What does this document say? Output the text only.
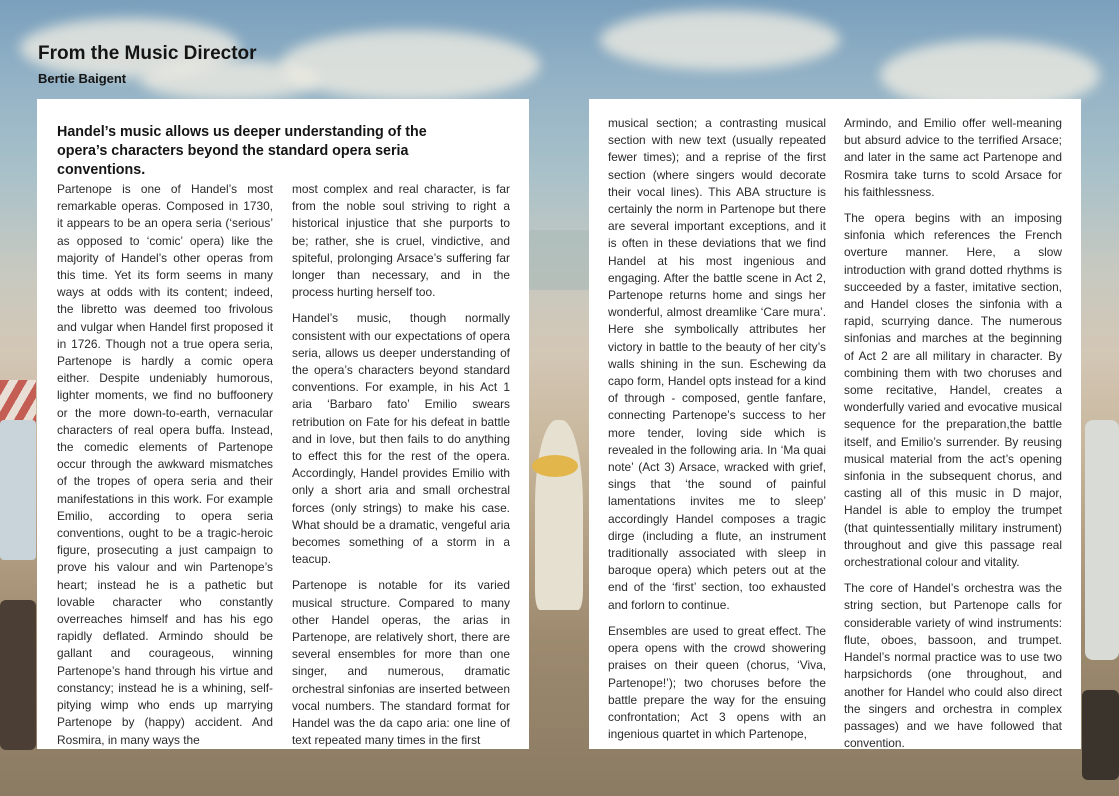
From the Music Director

Bertie Baigent

Handel’s music allows us deeper understanding of the opera’s characters beyond the standard opera seria conventions.

Partenope is one of Handel’s most remarkable operas. Composed in 1730, it appears to be an opera seria (‘serious’ as opposed to ‘comic’ opera) like the majority of Handel’s other operas from this time. Yet its form seems in many ways at odds with its content; indeed, the libretto was deemed too frivolous and vulgar when Handel first proposed it in 1726. Though not a true opera seria, Partenope is hardly a comic opera either. Despite undeniably humorous, lighter moments, we find no buffoonery or the more down-to-earth, vernacular characters of real opera buffa. Instead, the comedic elements of Partenope occur through the awkward mismatches of the tropes of opera seria and their manifestations in this work. For example Emilio, according to opera seria conventions, ought to be a tragic-heroic figure, prosecuting a just campaign to prove his valour and win Partenope’s heart; instead he is a pathetic but lovable character who constantly overreaches himself and has his ego rapidly deflated. Armindo should be gallant and courageous, winning Partenope’s hand through his virtue and constancy; instead he is a whining, self-pitying wimp who ends up marrying Partenope by (happy) accident. And Rosmira, in many ways the

most complex and real character, is far from the noble soul striving to right a historical injustice that she purports to be; rather, she is cruel, vindictive, and spiteful, prolonging Arsace’s suffering far longer than necessary, and in the process hurting herself too.

Handel’s music, though normally consistent with our expectations of opera seria, allows us deeper understanding of the opera’s characters beyond standard conventions. For example, in his Act 1 aria ‘Barbaro fato’ Emilio swears retribution on Fate for his defeat in battle and in love, but then fails to do anything to effect this for the rest of the opera. Accordingly, Handel provides Emilio with only a short aria and small orchestral forces (only strings) to make his case. What should be a dramatic, vengeful aria becomes something of a storm in a teacup.

Partenope is notable for its varied musical structure. Compared to many other Handel operas, the arias in Partenope, are relatively short, there are several ensembles for more than one singer, and numerous, dramatic orchestral sinfonias are inserted between vocal numbers. The standard format for Handel was the da capo aria: one line of text repeated many times in the first

musical section; a contrasting musical section with new text (usually repeated fewer times); and a reprise of the first section (where singers would decorate their vocal lines). This ABA structure is certainly the norm in Partenope but there are several important exceptions, and it is often in these deviations that we find Handel at his most ingenious and engaging. After the battle scene in Act 2, Partenope returns home and sings her wonderful, almost dreamlike ‘Care mura’. Here she symbolically attributes her victory in battle to the beauty of her city’s walls shining in the sun. Eschewing da capo form, Handel opts instead for a kind of through - composed, gentle fanfare, connecting Partenope’s success to her more tender, loving side which is revealed in the following aria. In ‘Ma quai note’ (Act 3) Arsace, wracked with grief, sings that ‘the sound of painful lamentations invites me to sleep’ accordingly Handel composes a tragic dirge (including a flute, an instrument traditionally associated with sleep in baroque opera) which peters out at the end of the ‘first’ section, too exhausted and forlorn to continue.

Ensembles are used to great effect. The opera opens with the crowd showering praises on their queen (chorus, ‘Viva, Partenope!’); two choruses before the battle prepare the way for the ensuing confrontation; Act 3 opens with an ingenious quartet in which Partenope,

Armindo, and Emilio offer well-meaning but absurd advice to the terrified Arsace; and later in the same act Partenope and Rosmira take turns to scold Arsace for his faithlessness.

The opera begins with an imposing sinfonia which references the French overture manner. Here, a slow introduction with grand dotted rhythms is succeeded by a faster, imitative section, and Handel closes the sinfonia with a rapid, scurrying dance. The numerous sinfonias and marches at the beginning of Act 2 are all military in character. By combining them with two choruses and some recitative, Handel, creates a wonderfully varied and evocative musical sequence for the preparation,the battle itself, and Emilio’s surrender. By reusing musical material from the act’s opening sinfonia in the subsequent chorus, and casting all of this music in D major, Handel is able to employ the trumpet (that quintessentially military instrument) throughout and give this passage real orchestrational colour and vitality.

The core of Handel’s orchestra was the string section, but Partenope calls for considerable variety of wind instruments: flute, oboes, bassoon, and trumpet. Handel’s normal practice was to use two harpsichords (one throughout, and another for Handel who could also direct the singers and orchestra in complex passages) and we have followed that convention.
